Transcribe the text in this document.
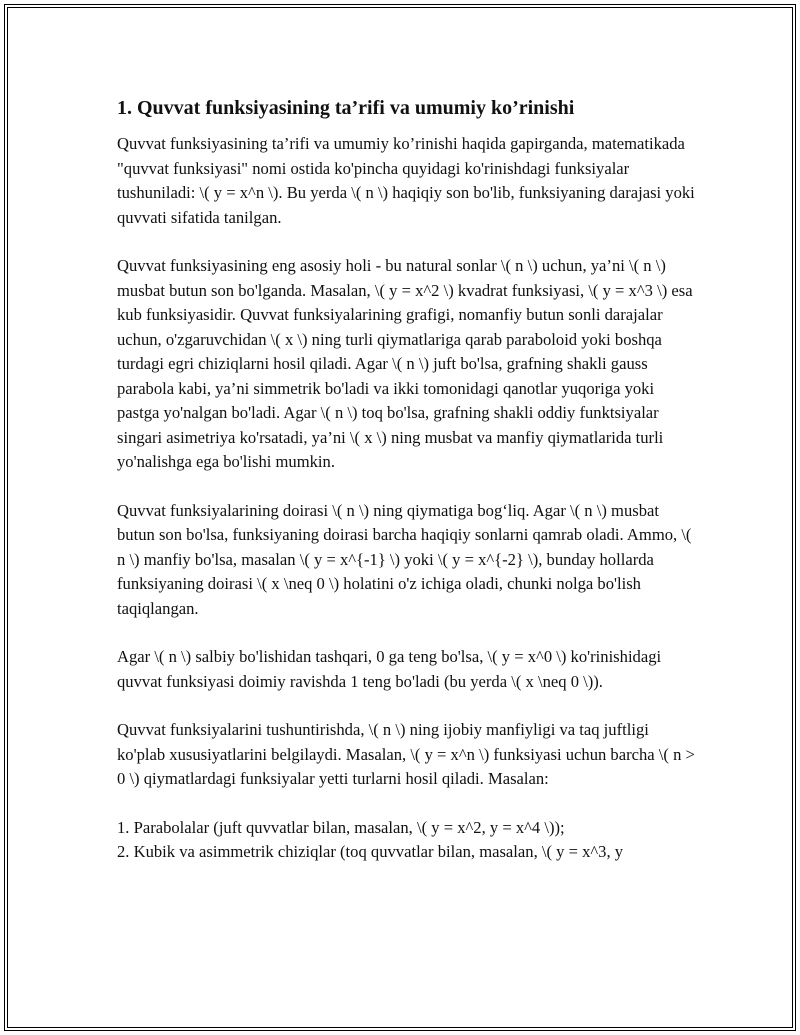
1. Quvvat funksiyasining ta’rifi va umumiy ko’rinishi

Quvvat funksiyasining ta’rifi va umumiy ko’rinishi haqida gapirganda, matematikada "quvvat funksiyasi" nomi ostida ko'pincha quyidagi ko'rinishdagi funksiyalar tushuniladi: \( y = x^n \). Bu yerda \( n \) haqiqiy son bo'lib, funksiyaning darajasi yoki quvvati sifatida tanilgan.

Quvvat funksiyasining eng asosiy holi - bu natural sonlar \( n \) uchun, ya’ni \( n \) musbat butun son bo'lganda. Masalan, \( y = x^2 \) kvadrat funksiyasi, \( y = x^3 \) esa kub funksiyasidir. Quvvat funksiyalarining grafigi, nomanfiy butun sonli darajalar uchun, o'zgaruvchidan \( x \) ning turli qiymatlariga qarab paraboloid yoki boshqa turdagi egri chiziqlarni hosil qiladi. Agar \( n \) juft bo'lsa, grafning shakli gauss parabola kabi, ya’ni simmetrik bo'ladi va ikki tomonidagi qanotlar yuqoriga yoki pastga yo'nalgan bo'ladi. Agar \( n \) toq bo'lsa, grafning shakli oddiy funktsiyalar singari asimetriya ko'rsatadi, ya’ni \( x \) ning musbat va manfiy qiymatlarida turli yo'nalishga ega bo'lishi mumkin.

Quvvat funksiyalarining doirasi \( n \) ning qiymatiga bog‘liq. Agar \( n \) musbat butun son bo'lsa, funksiyaning doirasi barcha haqiqiy sonlarni qamrab oladi. Ammo, \( n \) manfiy bo'lsa, masalan \( y = x^{-1} \) yoki \( y = x^{-2} \), bunday hollarda funksiyaning doirasi \( x \neq 0 \) holatini o'z ichiga oladi, chunki nolga bo'lish taqiqlangan.

Agar \( n \) salbiy bo'lishidan tashqari, 0 ga teng bo'lsa, \( y = x^0 \) ko'rinishidagi quvvat funksiyasi doimiy ravishda 1 teng bo'ladi (bu yerda \( x \neq 0 \)).

Quvvat funksiyalarini tushuntirishda, \( n \) ning ijobiy manfiyligi va taq juftligi ko'plab xususiyatlarini belgilaydi. Masalan, \( y = x^n \) funksiyasi uchun barcha \( n > 0 \) qiymatlardagi funksiyalar yetti turlarni hosil qiladi. Masalan:

1. Parabolalar (juft quvvatlar bilan, masalan, \( y = x^2, y = x^4 \));
2. Kubik va asimmetrik chiziqlar (toq quvvatlar bilan, masalan, \( y = x^3, y
